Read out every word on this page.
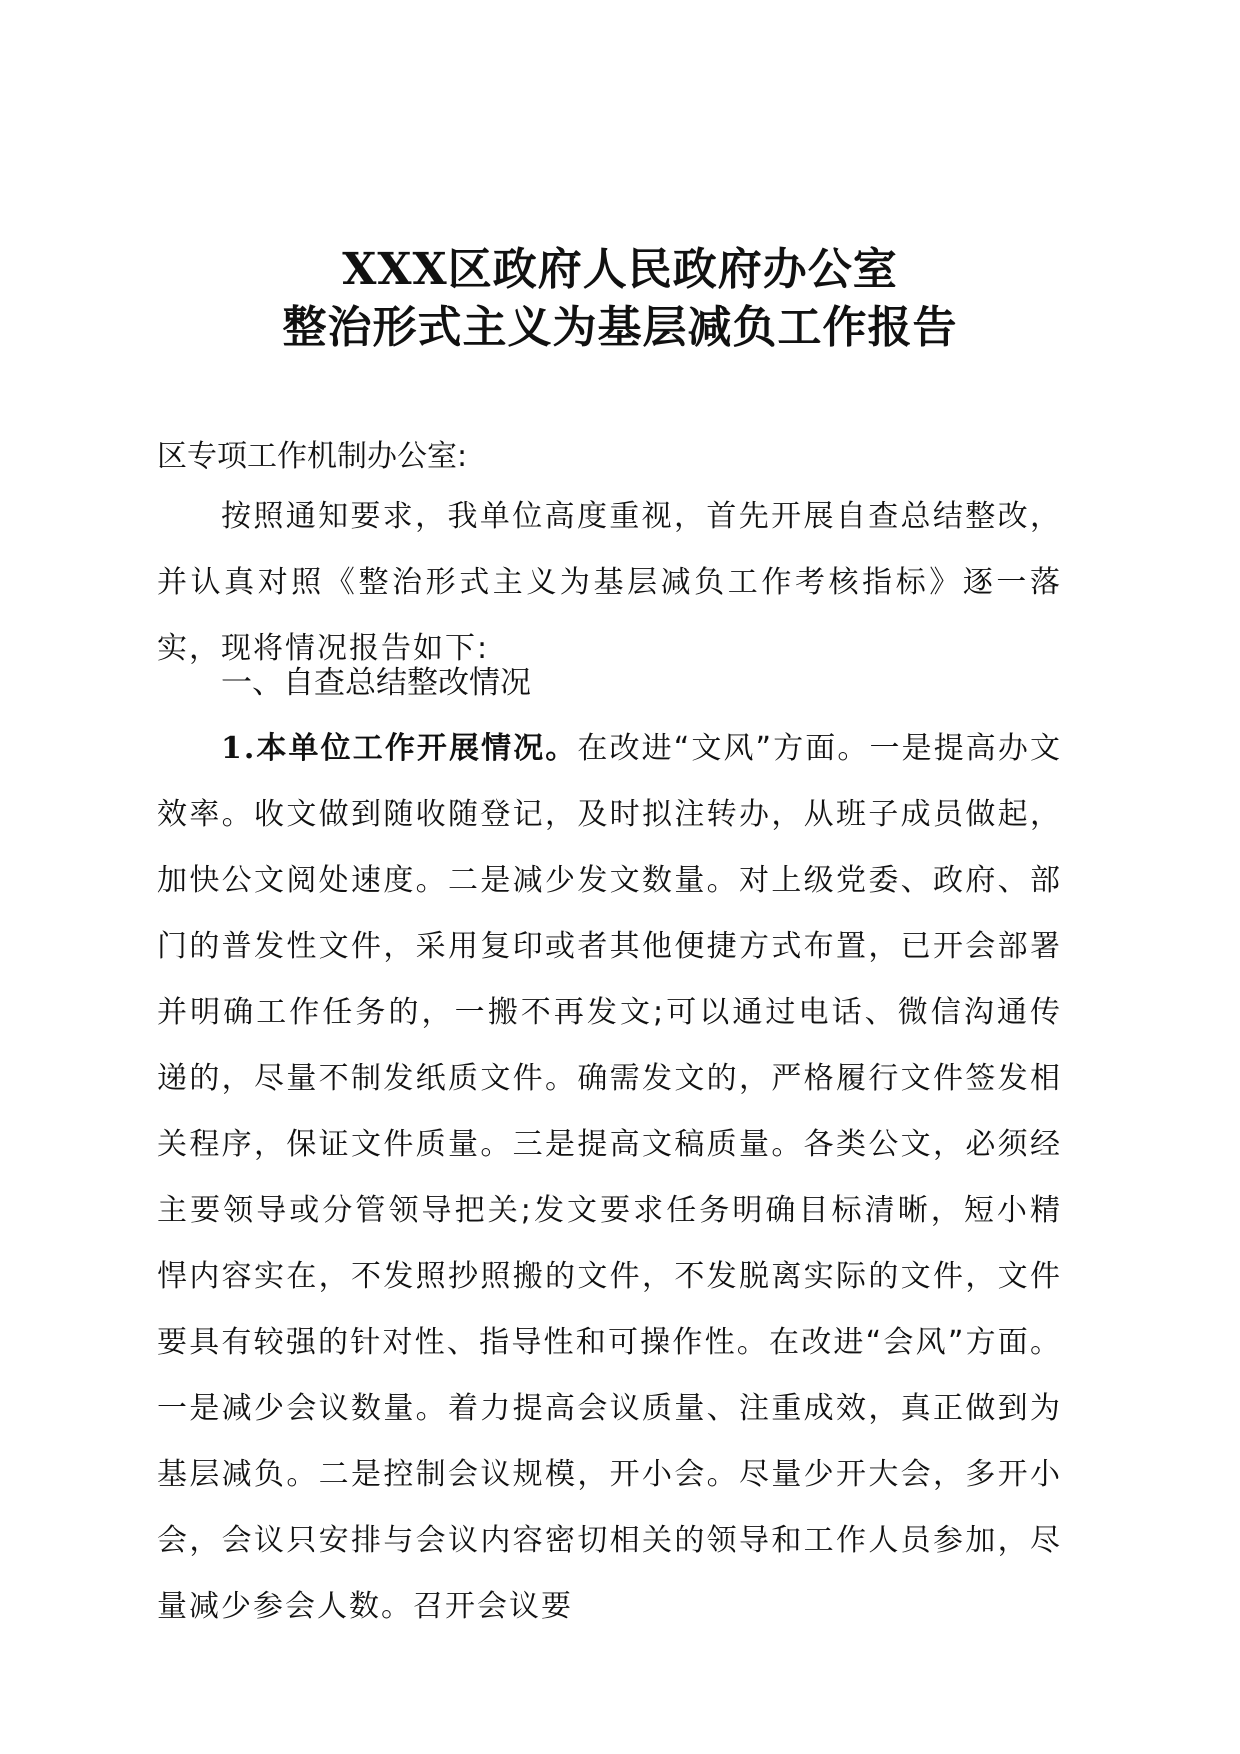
XXX区政府人民政府办公室
整治形式主义为基层减负工作报告
区专项工作机制办公室:
按照通知要求，我单位高度重视，首先开展自查总结整改，并认真对照《整治形式主义为基层减负工作考核指标》逐一落实，现将情况报告如下:
一、自查总结整改情况
1.本单位工作开展情况。在改进“文风”方面。一是提高办文效率。收文做到随收随登记，及时拟注转办，从班子成员做起，加快公文阅处速度。二是减少发文数量。对上级党委、政府、部门的普发性文件，采用复印或者其他便捷方式布置，已开会部署并明确工作任务的，一搬不再发文;可以通过电话、微信沟通传递的，尽量不制发纸质文件。确需发文的，严格履行文件签发相关程序，保证文件质量。三是提高文稿质量。各类公文，必须经主要领导或分管领导把关;发文要求任务明确目标清晰，短小精悍内容实在，不发照抄照搬的文件，不发脱离实际的文件，文件要具有较强的针对性、指导性和可操作性。在改进“会风”方面。一是减少会议数量。着力提高会议质量、注重成效，真正做到为基层减负。二是控制会议规模，开小会。尽量少开大会，多开小会，会议只安排与会议内容密切相关的领导和工作人员参加，尽量减少参会人数。召开会议要
